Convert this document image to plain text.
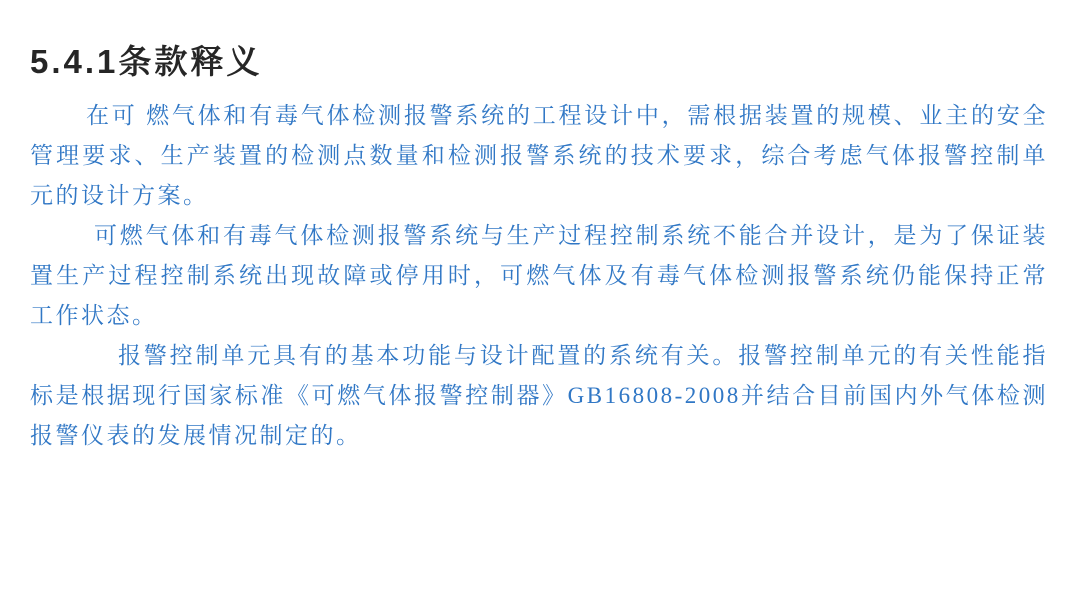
5.4.1条款释义

在可 燃气体和有毒气体检测报警系统的工程设计中，需根据装置的规模、业主的安全管理要求、生产装置的检测点数量和检测报警系统的技术要求，综合考虑气体报警控制单元的设计方案。

可燃气体和有毒气体检测报警系统与生产过程控制系统不能合并设计，是为了保证装置生产过程控制系统出现故障或停用时，可燃气体及有毒气体检测报警系统仍能保持正常工作状态。

报警控制单元具有的基本功能与设计配置的系统有关。报警控制单元的有关性能指标是根据现行国家标准《可燃气体报警控制器》GB16808-2008并结合目前国内外气体检测报警仪表的发展情况制定的。
